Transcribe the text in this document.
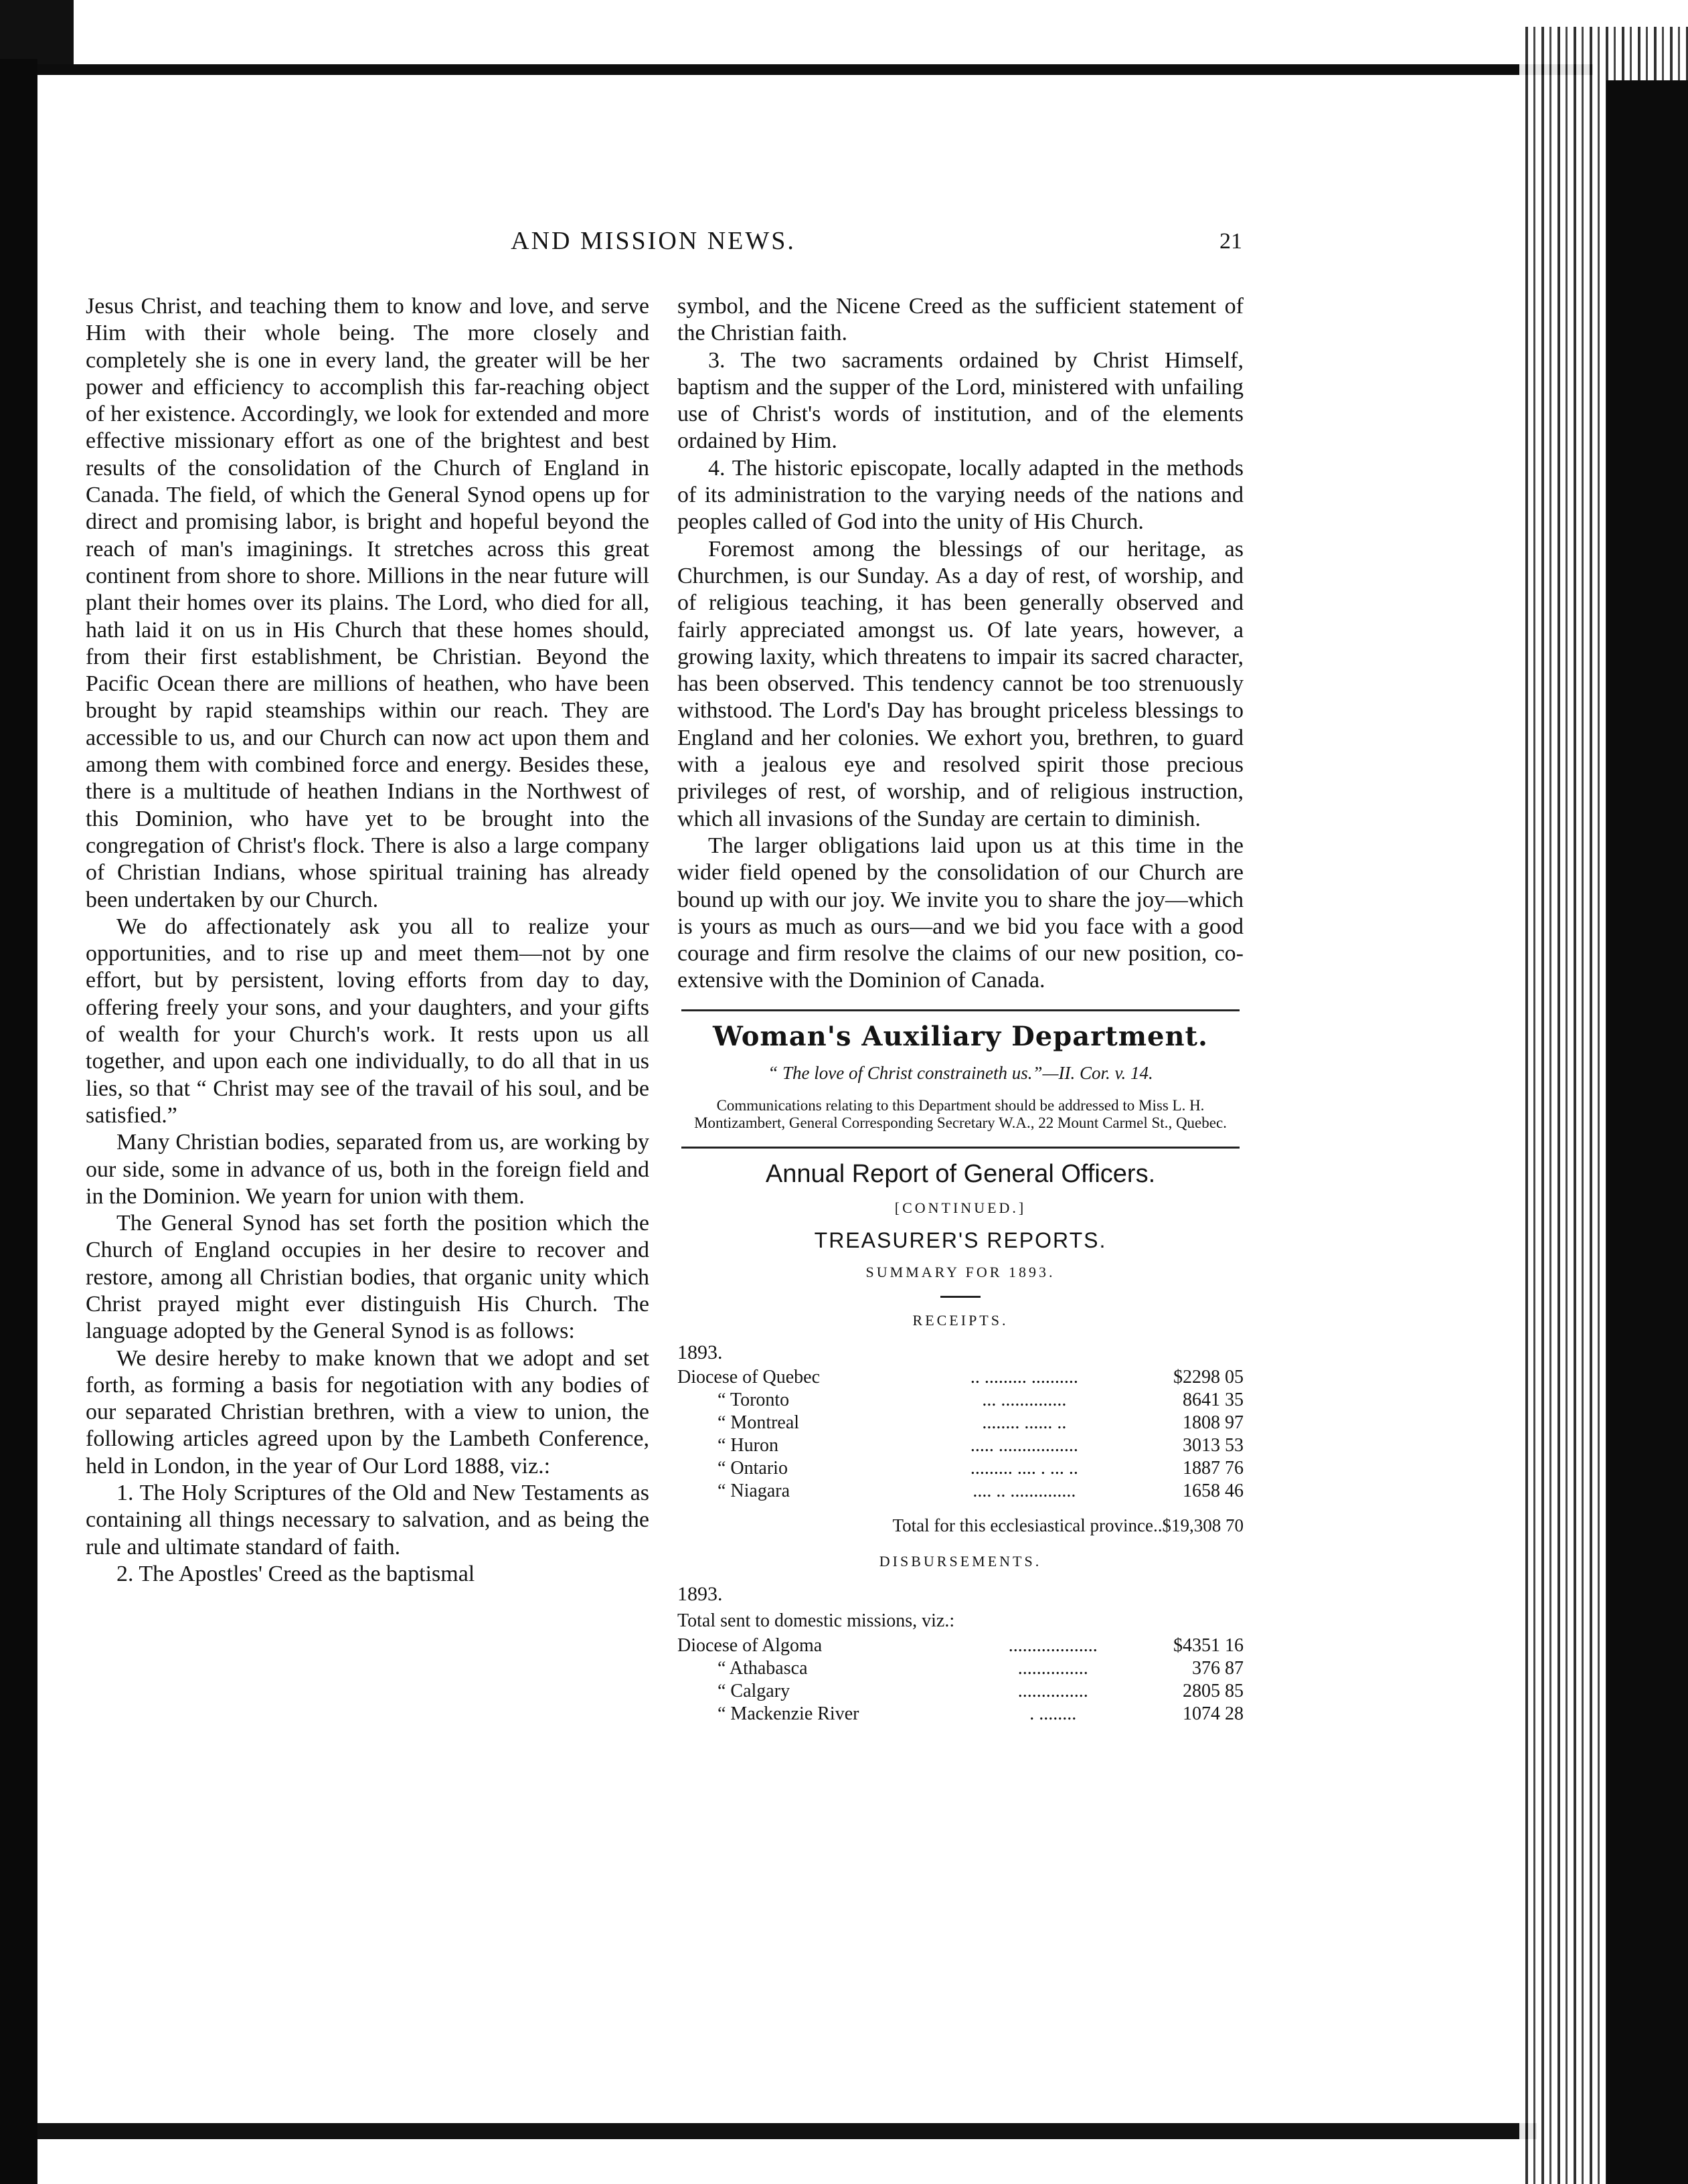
AND MISSION NEWS.	21

Jesus Christ, and teaching them to know and love, and serve Him with their whole being. The more closely and completely she is one in every land, the greater will be her power and efficiency to accomplish this far-reaching object of her existence. Accordingly, we look for extended and more effective missionary effort as one of the brightest and best results of the consolidation of the Church of England in Canada. The field, of which the General Synod opens up for direct and promising labor, is bright and hopeful beyond the reach of man's imaginings. It stretches across this great continent from shore to shore. Millions in the near future will plant their homes over its plains. The Lord, who died for all, hath laid it on us in His Church that these homes should, from their first establishment, be Christian. Beyond the Pacific Ocean there are millions of heathen, who have been brought by rapid steamships within our reach. They are accessible to us, and our Church can now act upon them and among them with combined force and energy. Besides these, there is a multitude of heathen Indians in the Northwest of this Dominion, who have yet to be brought into the congregation of Christ's flock. There is also a large company of Christian Indians, whose spiritual training has already been undertaken by our Church.

We do affectionately ask you all to realize your opportunities, and to rise up and meet them—not by one effort, but by persistent, loving efforts from day to day, offering freely your sons, and your daughters, and your gifts of wealth for your Church's work. It rests upon us all together, and upon each one individually, to do all that in us lies, so that “ Christ may see of the travail of his soul, and be satisfied.”

Many Christian bodies, separated from us, are working by our side, some in advance of us, both in the foreign field and in the Dominion. We yearn for union with them.

The General Synod has set forth the position which the Church of England occupies in her desire to recover and restore, among all Christian bodies, that organic unity which Christ prayed might ever distinguish His Church. The language adopted by the General Synod is as follows:

We desire hereby to make known that we adopt and set forth, as forming a basis for negotiation with any bodies of our separated Christian brethren, with a view to union, the following articles agreed upon by the Lambeth Conference, held in London, in the year of Our Lord 1888, viz.:

1. The Holy Scriptures of the Old and New Testaments as containing all things necessary to salvation, and as being the rule and ultimate standard of faith.

2. The Apostles' Creed as the baptismal

symbol, and the Nicene Creed as the sufficient statement of the Christian faith.

3. The two sacraments ordained by Christ Himself, baptism and the supper of the Lord, ministered with unfailing use of Christ's words of institution, and of the elements ordained by Him.

4. The historic episcopate, locally adapted in the methods of its administration to the varying needs of the nations and peoples called of God into the unity of His Church.

Foremost among the blessings of our heritage, as Churchmen, is our Sunday. As a day of rest, of worship, and of religious teaching, it has been generally observed and fairly appreciated amongst us. Of late years, however, a growing laxity, which threatens to impair its sacred character, has been observed. This tendency cannot be too strenuously withstood. The Lord's Day has brought priceless blessings to England and her colonies. We exhort you, brethren, to guard with a jealous eye and resolved spirit those precious privileges of rest, of worship, and of religious instruction, which all invasions of the Sunday are certain to diminish.

The larger obligations laid upon us at this time in the wider field opened by the consolidation of our Church are bound up with our joy. We invite you to share the joy—which is yours as much as ours—and we bid you face with a good courage and firm resolve the claims of our new position, co-extensive with the Dominion of Canada.

Woman's Auxiliary Department.
“ The love of Christ constraineth us.”—II. Cor. v. 14.
Communications relating to this Department should be addressed to Miss L. H. Montizambert, General Corresponding Secretary W.A., 22 Mount Carmel St., Quebec.
Annual Report of General Officers.
[CONTINUED.]
TREASURER'S REPORTS.
SUMMARY FOR 1893.
RECEIPTS.
1893.
Diocese of Quebec	.. ......... ..........	$2298 05
“ Toronto	... ..............	8641 35
“ Montreal	........ ...... ..	1808 97
“ Huron	..... .................	3013 53
“ Ontario	......... .... . ... ..	1887 76
“ Niagara	.... .. ..............	1658 46
Total for this ecclesiastical province..$19,308 70
DISBURSEMENTS.
1893.
Total sent to domestic missions, viz.:
Diocese of Algoma	...................	$4351 16
“ Athabasca	...............	376 87
“ Calgary	...............	2805 85
“ Mackenzie River	. ........	1074 28
